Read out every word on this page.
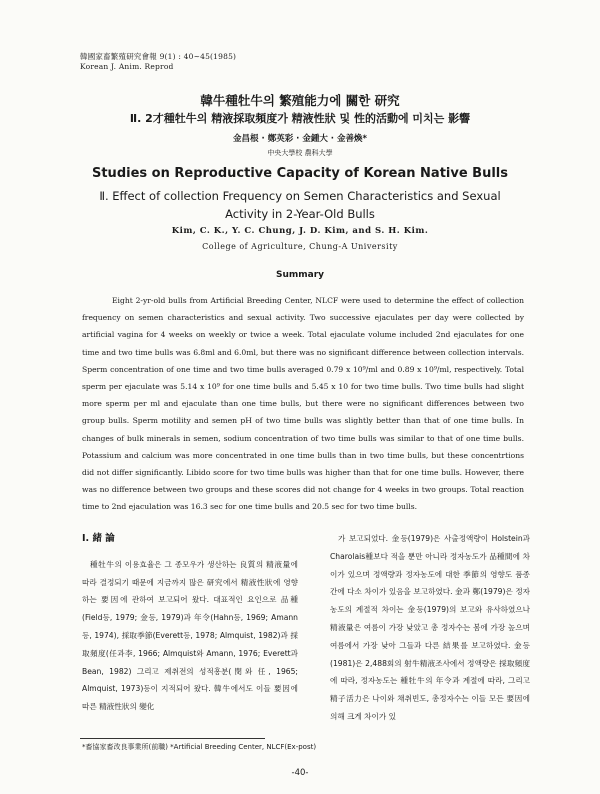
韓國家畜繁殖研究會報 9(1) : 40~45(1985)
Korean J. Anim. Reprod
韓牛種牡牛의 繁殖能力에 關한 研究
Ⅱ. 2才種牡牛의 精液採取頻度가 精液性狀 및 性的活動에 미치는 影響
金昌根 · 鄭英彩 · 金鍾大 · 金善煥*
中央大學校 農科大學
Studies on Reproductive Capacity of Korean Native Bulls
Ⅱ. Effect of collection Frequency on Semen Characteristics and Sexual
Activity in 2-Year-Old Bulls
Kim, C. K., Y. C. Chung, J. D. Kim, and S. H. Kim.
College of Agriculture, Chung-A University
Summary

Eight 2-yr-old bulls from Artificial Breeding Center, NLCF were used to determine the effect of collection frequency on semen characteristics and sexual activity. Two successive ejaculates per day were collected by artificial vagina for 4 weeks on weekly or twice a week. Total ejaculate volume included 2nd ejaculates for one time and two time bulls was 6.8ml and 6.0ml, but there was no significant difference between collection intervals. Sperm concentration of one time and two time bulls averaged 0.79 x 10⁹/ml and 0.89 x 10⁹/ml, respectively. Total sperm per ejaculate was 5.14 x 10⁹ for one time bulls and 5.45 x 10 for two time bulls. Two time bulls had slight more sperm per ml and ejaculate than one time bulls, but there were no significant differences between two group bulls. Sperm motility and semen pH of two time bulls was slightly better than that of one time bulls. In changes of bulk minerals in semen, sodium concentration of two time bulls was similar to that of one time bulls. Potassium and calcium was more concentrated in one time bulls than in two time bulls, but these concentrtions did not differ significantly. Libido score for two time bulls was higher than that for one time bulls. However, there was no difference between two groups and these scores did not change for 4 weeks in two groups. Total reaction time to 2nd ejaculation was 16.3 sec for one time bulls and 20.5 sec for two time bulls.

Ⅰ. 緒 論

種牡牛의 이용효율은 그 종모우가 생산하는 良質의 精液量에 따라 결정되기 때문에 지금까지 많은 研究에서 精液性狀에 영향하는 要因에 관하여 보고되어 왔다. 대표적인 요인으로 品種(Field등, 1979; 金등, 1979)과 年令(Hahn등, 1969; Amann등, 1974), 採取季節(Everett등, 1978; Almquist, 1982)과 採取頻度(任과李, 1966; Almquist와 Amann, 1976; Everett과 Bean, 1982) 그리고 제취전의 성적흥분(閔와 任, 1965; Almquist, 1973)등이 지적되어 왔다. 韓牛에서도 이들 要因에 따른 精液性狀의 變化

가 보고되었다. 金등(1979)은 사출정액량이 Holstein과 Charolais種보다 적을 뿐만 아니라 정자농도가 品種間에 차이가 있으며 정액량과 정자농도에 대한 季節의 영향도 품종간에 다소 차이가 있음을 보고하였다. 金과 鄭(1979)은 정자농도의 계절적 차이는 金등(1979)의 보고와 유사하였으나 精液量은 여름이 가장 낮았고 총 정자수는 봄에 가장 높으며 여름에서 가장 낮아 그들과 다른 結果를 보고하였다. 金등(1981)은 2,488회의 射牛精液조사에서 정액량은 採取頻度에 따라, 정자농도는 種牡牛의 年令과 계절에 따라, 그리고 精子活力은 나이와 채취빈도, 총정자수는 이들 모든 要因에 의해 크게 차이가 있

*畜協家畜改良事業所(前職) *Artificial Breeding Center, NLCF(Ex-post)
-40-
